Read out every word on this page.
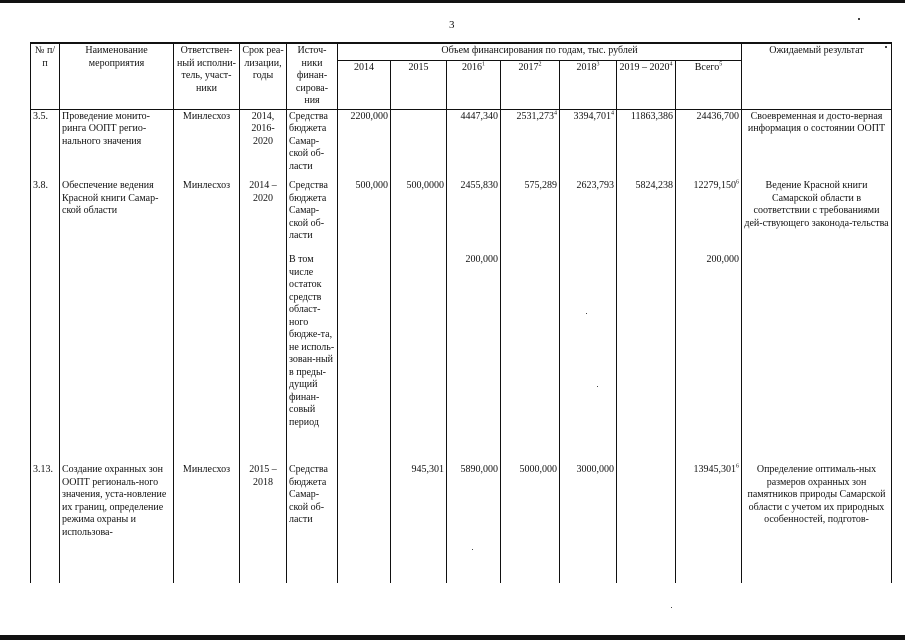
3
№ п/п	Наименование мероприятия	Ответствен-ный исполни-тель, участ-ники	Срок реа-лизации, годы	Источ-ники финан-сирова-ния	Объем финансирования по годам, тыс. рублей							Ожидаемый результат
					2014	2015	2016$^1$	2017$^2$	2018$^3$	2019 – 2020$^4$	Всего$^5$
3.5.	Проведение монито-ринга ООПТ регио-нального значения	Минлесхоз	2014, 2016- 2020	Средства бюджета Самар-ской об-ласти	2200,000		4447,340	2531,273$^4$	3394,701$^4$	11863,386	24436,700	Своевременная и досто-верная информация о состоянии ООПТ
3.8.	Обеспечение ведения Красной книги Самар-ской области	Минлесхоз	2014 – 2020	Средства бюджета Самар-ской об-ласти	500,000	500,0000	2455,830	575,289	2623,793	5824,238	12279,150$^6$	Ведение Красной книги Самарской области в соответствии с требованиями дей-ствующего законода-тельства
				В том числе остаток средств област-ного бюдже-та, не исполь-зован-ный в преды-дущий финан-совый период			200,000				200,000	
3.13.	Создание охранных зон ООПТ региональ-ного значения, уста-новление их границ, определение режима охраны и использова-	Минлесхоз	2015 – 2018	Средства бюджета Самар-ской об-ласти		945,301	5890,000	5000,000	3000,000		13945,301$^6$	Определение оптималь-ных размеров охранных зон памятников природы Самарской области с учетом их природных особенностей, подготов-
